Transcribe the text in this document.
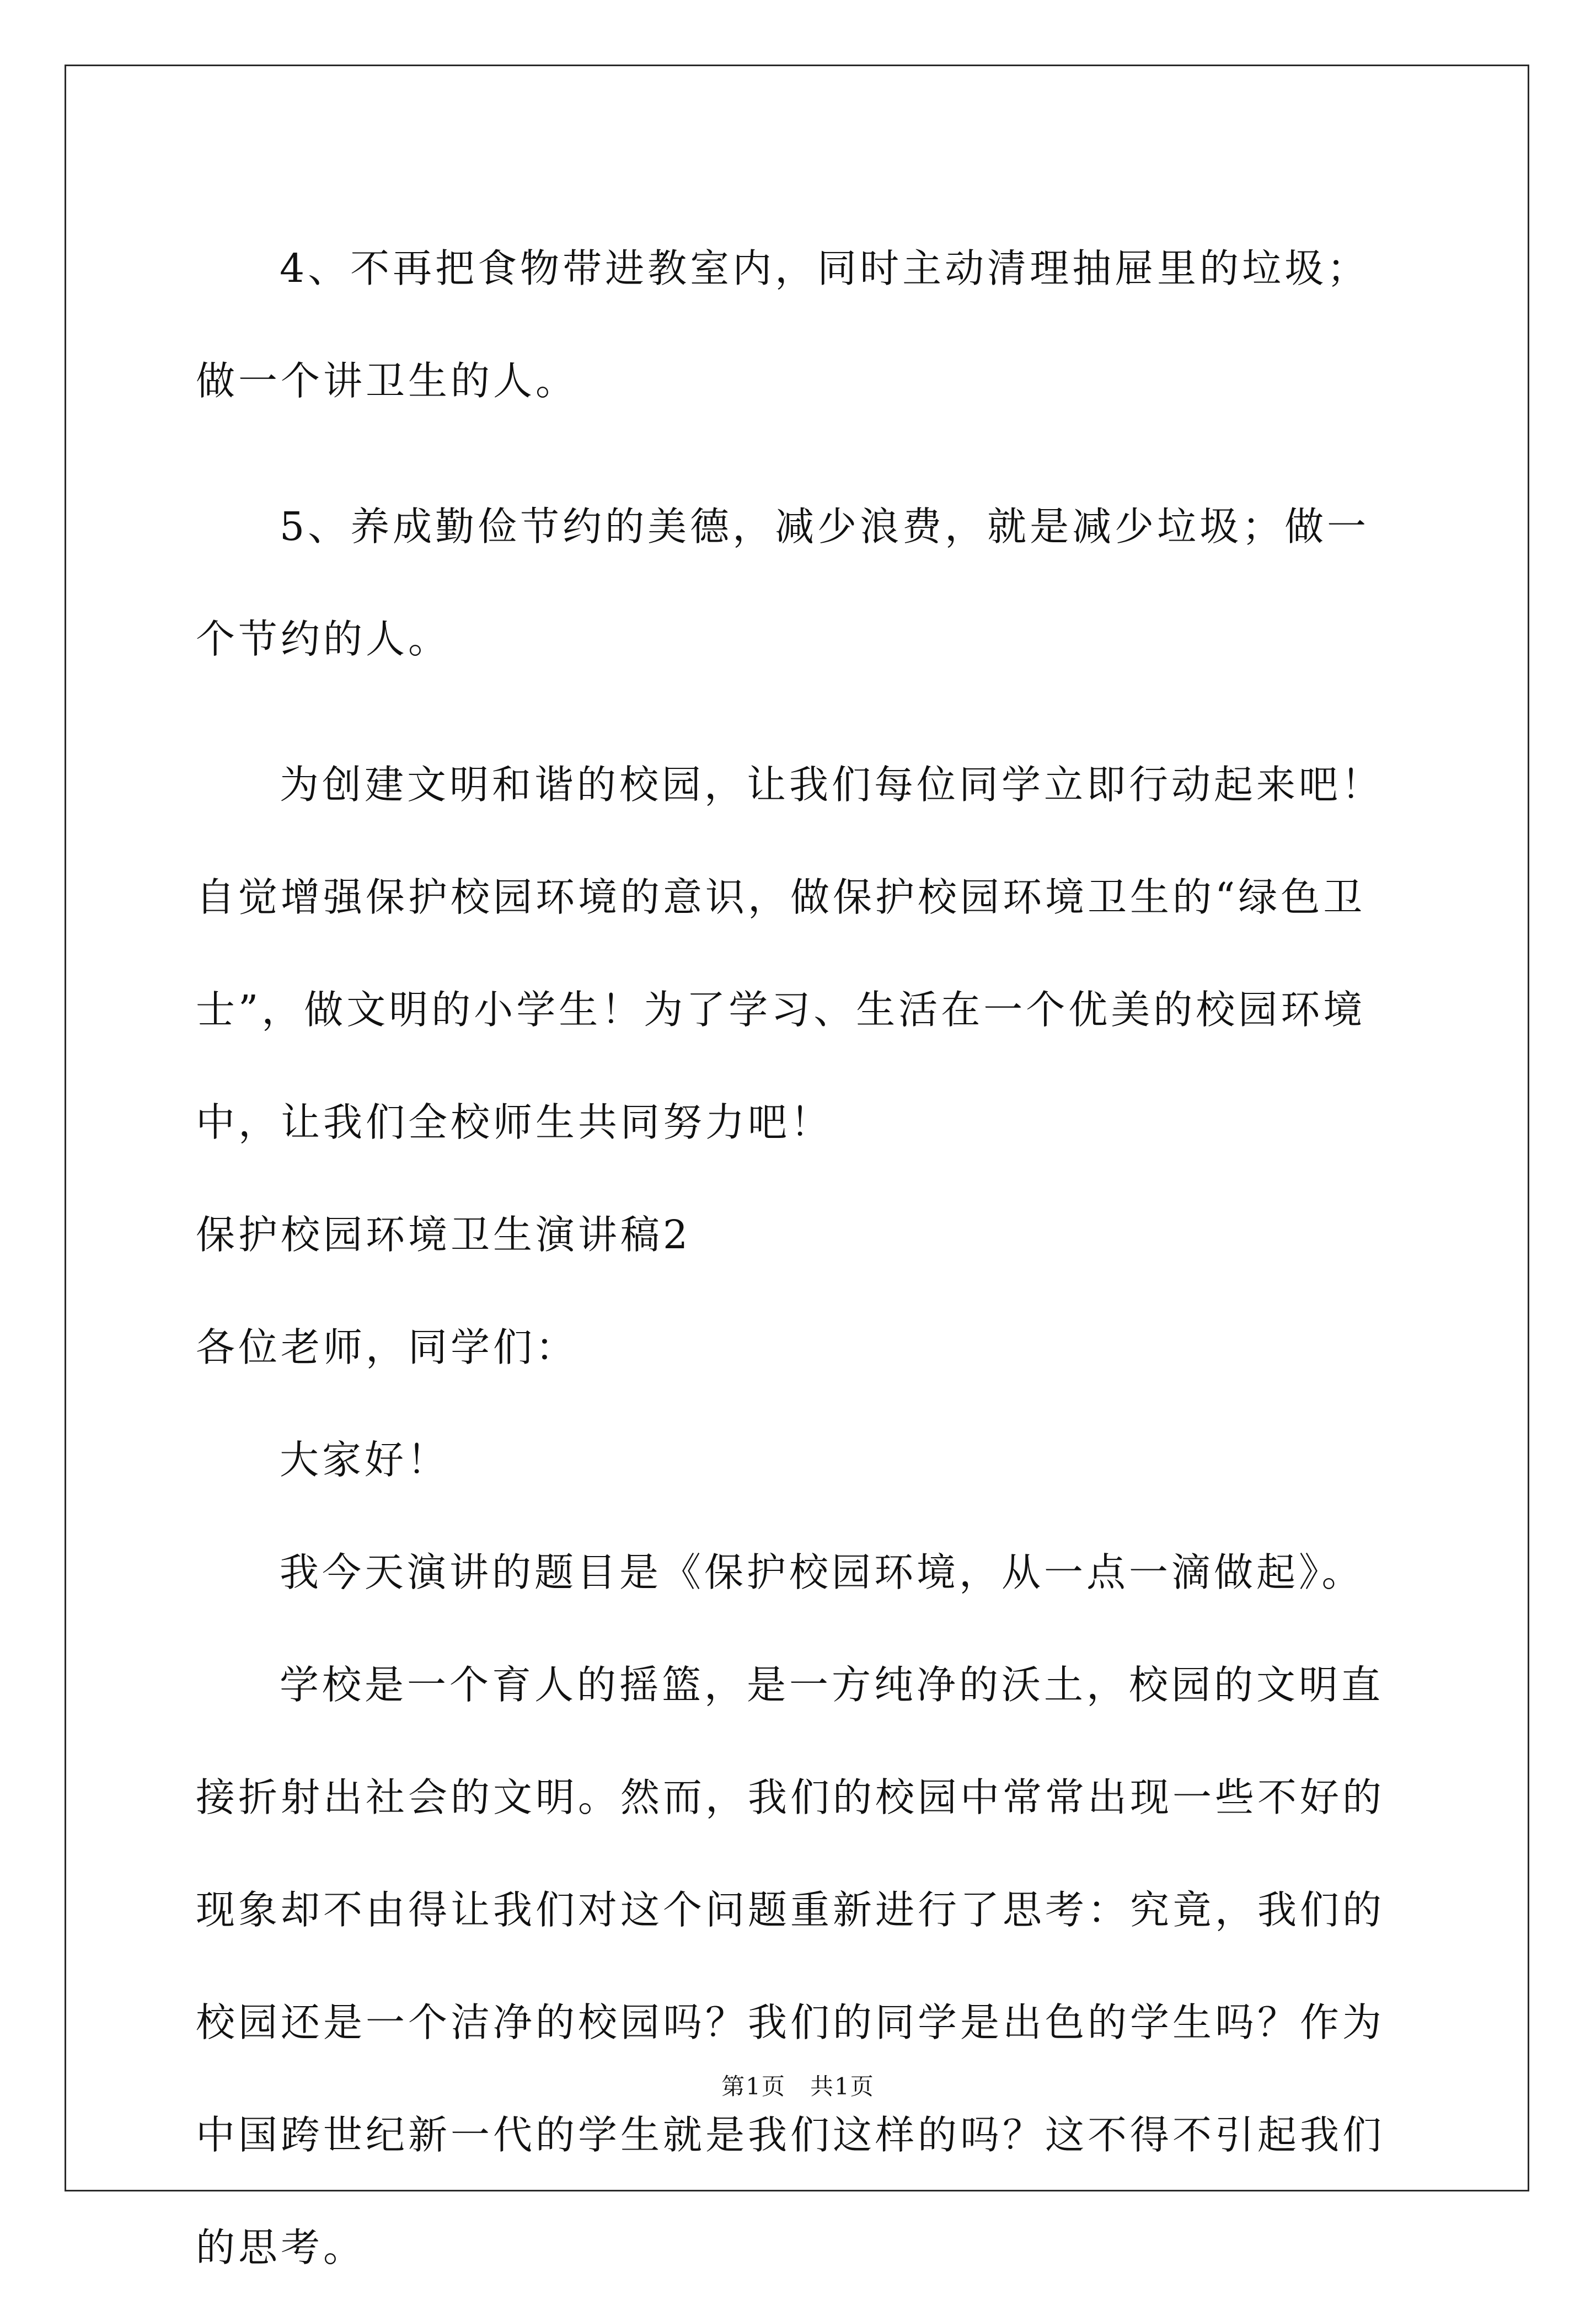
4、不再把食物带进教室内，同时主动清理抽屉里的垃圾；做一个讲卫生的人。

5、养成勤俭节约的美德，减少浪费，就是减少垃圾；做一个节约的人。

为创建文明和谐的校园，让我们每位同学立即行动起来吧！自觉增强保护校园环境的意识，做保护校园环境卫生的“绿色卫士”，做文明的小学生！为了学习、生活在一个优美的校园环境中，让我们全校师生共同努力吧！

保护校园环境卫生演讲稿2

各位老师，同学们：

大家好！

我今天演讲的题目是《保护校园环境，从一点一滴做起》。

学校是一个育人的摇篮，是一方纯净的沃土，校园的文明直接折射出社会的文明。然而，我们的校园中常常出现一些不好的现象却不由得让我们对这个问题重新进行了思考：究竟，我们的校园还是一个洁净的校园吗？我们的同学是出色的学生吗？作为中国跨世纪新一代的学生就是我们这样的吗？这不得不引起我们的思考。

第1页　共1页
